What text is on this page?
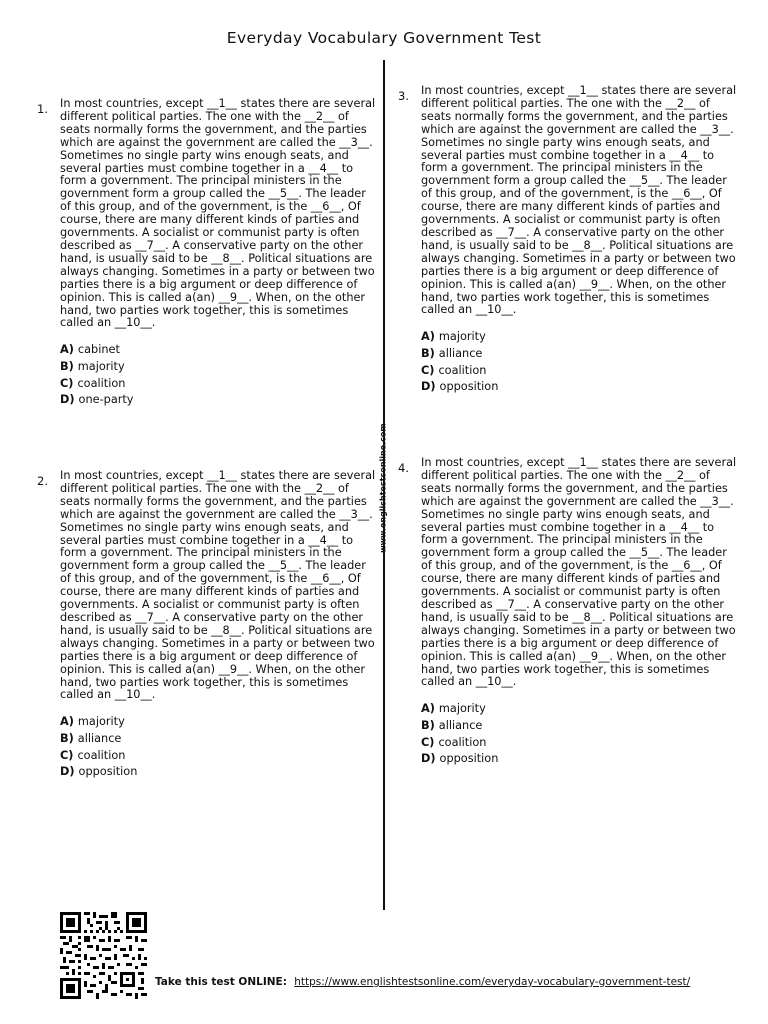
Everyday Vocabulary Government Test
www.englishtestsonline.com
1. In most countries, except __1__ states there are several different political parties. The one with the __2__ of seats normally forms the government, and the parties which are against the government are called the __3__. Sometimes no single party wins enough seats, and several parties must combine together in a __4__ to form a government. The principal ministers in the government form a group called the __5__. The leader of this group, and of the government, is the __6__, Of course, there are many different kinds of parties and governments. A socialist or communist party is often described as __7__. A conservative party on the other hand, is usually said to be __8__. Political situations are always changing. Sometimes in a party or between two parties there is a big argument or deep difference of opinion. This is called a(an) __9__. When, on the other hand, two parties work together, this is sometimes called an __10__.

A) cabinet
B) majority
C) coalition
D) one-party
2. In most countries, except __1__ states there are several different political parties. The one with the __2__ of seats normally forms the government, and the parties which are against the government are called the __3__. Sometimes no single party wins enough seats, and several parties must combine together in a __4__ to form a government. The principal ministers in the government form a group called the __5__. The leader of this group, and of the government, is the __6__, Of course, there are many different kinds of parties and governments. A socialist or communist party is often described as __7__. A conservative party on the other hand, is usually said to be __8__. Political situations are always changing. Sometimes in a party or between two parties there is a big argument or deep difference of opinion. This is called a(an) __9__. When, on the other hand, two parties work together, this is sometimes called an __10__.

A) majority
B) alliance
C) coalition
D) opposition
3. In most countries, except __1__ states there are several different political parties. The one with the __2__ of seats normally forms the government, and the parties which are against the government are called the __3__. Sometimes no single party wins enough seats, and several parties must combine together in a __4__ to form a government. The principal ministers in the government form a group called the __5__. The leader of this group, and of the government, is the __6__, Of course, there are many different kinds of parties and governments. A socialist or communist party is often described as __7__. A conservative party on the other hand, is usually said to be __8__. Political situations are always changing. Sometimes in a party or between two parties there is a big argument or deep difference of opinion. This is called a(an) __9__. When, on the other hand, two parties work together, this is sometimes called an __10__.

A) majority
B) alliance
C) coalition
D) opposition
4. In most countries, except __1__ states there are several different political parties. The one with the __2__ of seats normally forms the government, and the parties which are against the government are called the __3__. Sometimes no single party wins enough seats, and several parties must combine together in a __4__ to form a government. The principal ministers in the government form a group called the __5__. The leader of this group, and of the government, is the __6__, Of course, there are many different kinds of parties and governments. A socialist or communist party is often described as __7__. A conservative party on the other hand, is usually said to be __8__. Political situations are always changing. Sometimes in a party or between two parties there is a big argument or deep difference of opinion. This is called a(an) __9__. When, on the other hand, two parties work together, this is sometimes called an __10__.

A) majority
B) alliance
C) coalition
D) opposition
Take this test ONLINE: https://www.englishtestsonline.com/everyday-vocabulary-government-test/
